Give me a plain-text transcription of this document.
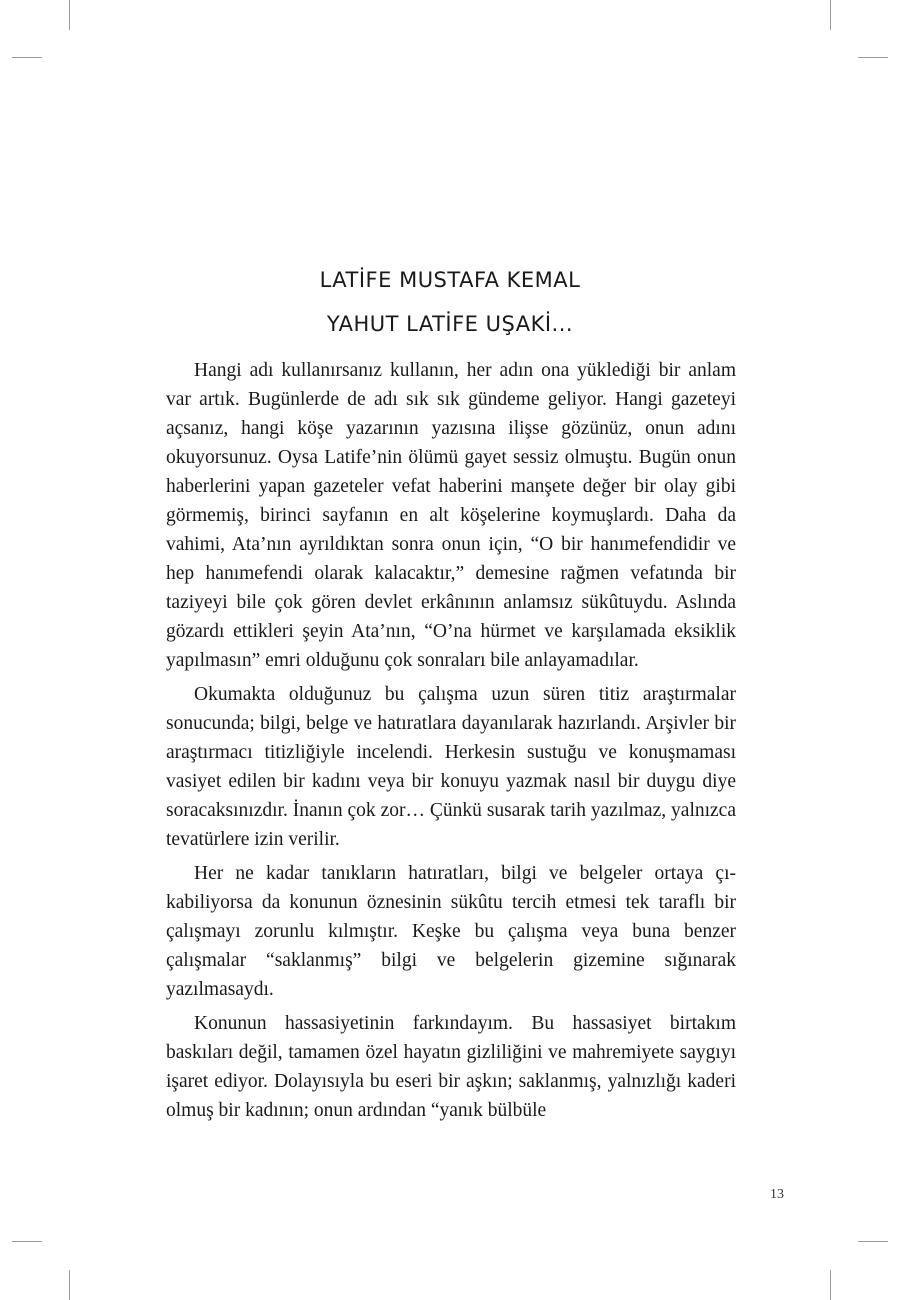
LATİFE MUSTAFA KEMAL
YAHUT LATİFE UŞAKİ...

Hangi adı kullanırsanız kullanın, her adın ona yüklediği bir anlam var artık. Bugünlerde de adı sık sık gündeme geliyor. Hangi gazeteyi açsanız, hangi köşe yazarının yazısına ilişse gözünüz, onun adını okuyorsunuz. Oysa Latife’nin ölümü gayet sessiz olmuştu. Bugün onun haberlerini yapan gazeteler vefat haberini manşete değer bir olay gibi görmemiş, birinci sayfanın en alt köşelerine koymuşlardı. Daha da vahimi, Ata’nın ayrıldıktan sonra onun için, “O bir hanımefendidir ve hep hanımefendi olarak kalacaktır,” demesine rağmen vefatında bir taziyeyi bile çok gören devlet erkânının anlamsız sükûtuydu. Aslında gözardı ettikleri şeyin Ata’nın, “O’na hürmet ve karşılamada eksiklik yapılmasın” emri olduğunu çok sonraları bile anlayamadılar.

Okumakta olduğunuz bu çalışma uzun süren titiz araştırmalar sonucunda; bilgi, belge ve hatıratlara dayanılarak hazırlandı. Arşivler bir araştırmacı titizliğiyle incelendi. Herkesin sustuğu ve konuşmaması vasiyet edilen bir kadını veya bir konuyu yazmak nasıl bir duygu diye soracaksınızdır. İnanın çok zor… Çünkü susarak tarih yazılmaz, yalnızca tevatürlere izin verilir.

Her ne kadar tanıkların hatıratları, bilgi ve belgeler ortaya çıkabiliyorsa da konunun öznesinin sükûtu tercih etmesi tek taraflı bir çalışmayı zorunlu kılmıştır. Keşke bu çalışma veya buna benzer çalışmalar “saklanmış” bilgi ve belgelerin gizemine sığınarak yazılmasaydı.

Konunun hassasiyetinin farkındayım. Bu hassasiyet birtakım baskıları değil, tamamen özel hayatın gizliliğini ve mahremiyete saygıyı işaret ediyor. Dolayısıyla bu eseri bir aşkın; saklanmış, yalnızlığı kaderi olmuş bir kadının; onun ardından “yanık bülbüle

13
